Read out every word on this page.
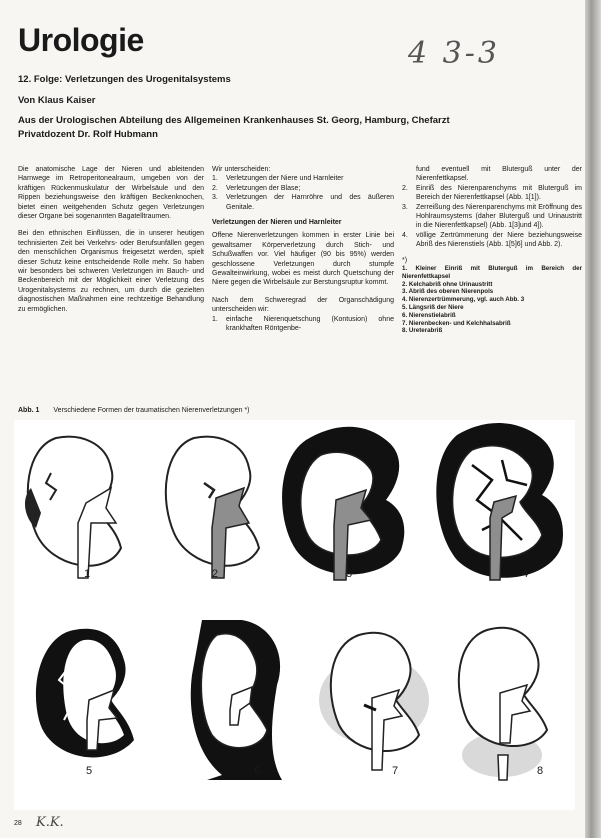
Urologie	4 3-3
12. Folge: Verletzungen des Urogenitalsystems
Von Klaus Kaiser
Aus der Urologischen Abteilung des Allgemeinen Krankenhauses St. Georg, Hamburg, Chefarzt Privatdozent Dr. Rolf Hubmann

Die anatomische Lage der Nieren und ableitenden Harnwege im Retroperitonealraum, umgeben von der kräftigen Rückenmuskulatur der Wirbelsäule und den Rippen beziehungsweise den kräftigen Beckenknochen, bietet einen weitgehenden Schutz gegen Verletzungen dieser Organe bei sogenannten Bagatelltraumen.

Bei den ethnischen Einflüssen, die in unserer heutigen technisierten Zeit bei Verkehrs- oder Berufsunfällen gegen den menschlichen Organismus freigesetzt werden, spielt dieser Schutz keine entscheidende Rolle mehr. So haben wir besonders bei schweren Verletzungen im Bauch- und Beckenbereich mit der Möglichkeit einer Verletzung des Urogenitalsystems zu rechnen, um durch die gezielten diagnostischen Maßnahmen eine rechtzeitige Behandlung zu ermöglichen.

Wir unterscheiden:
1.	Verletzungen der Niere und Harnleiter
2.	Verletzungen der Blase;
3.	Verletzungen der Harnröhre und des äußeren Genitale.
Verletzungen der Nieren und Harnleiter

Offene Nierenverletzungen kommen in erster Linie bei gewaltsamer Körperverletzung durch Stich- und Schußwaffen vor. Viel häufiger (90 bis 95%) werden geschlossene Verletzungen durch stumpfe Gewalteinwirkung, wobei es meist durch Quetschung der Niere gegen die Wirbelsäule zur Berstungsruptur kommt.

Nach dem Schweregrad der Organschädigung unterscheiden wir:

1.	einfache Nierenquetschung (Kontusion) ohne krankhaften Röntgenbe-
fund eventuell mit Bluterguß unter der Nierenfettkapsel.
2.	Einriß des Nierenparenchyms mit Bluterguß im Bereich der Nierenfettkapsel (Abb. 1[1]).
3.	Zerreißung des Nierenparenchyms mit Eröffnung des Hohlraumsystems (daher Bluterguß und Urinaustritt in die Nierenfettkapsel) (Abb. 1[3]und 4]).
4.	völlige Zertrümmerung der Niere beziehungsweise Abriß des Nierenstiels (Abb. 1[5]6] und Abb. 2).
*)
1. Kleiner Einriß mit Bluterguß im Bereich der Nierenfettkapsel
2. Kelchabriß ohne Urinaustritt
3. Abriß des oberen Nierenpols
4. Nierenzertrümmerung, vgl. auch Abb. 3
5. Längsriß der Niere
6. Nierenstielabriß
7. Nierenbecken- und Kelchhalsabriß
8. Ureterabriß
Abb. 1 Verschiedene Formen der traumatischen Nierenverletzungen *)
1	2	3	4
5	6	7	8
28 K.K.
